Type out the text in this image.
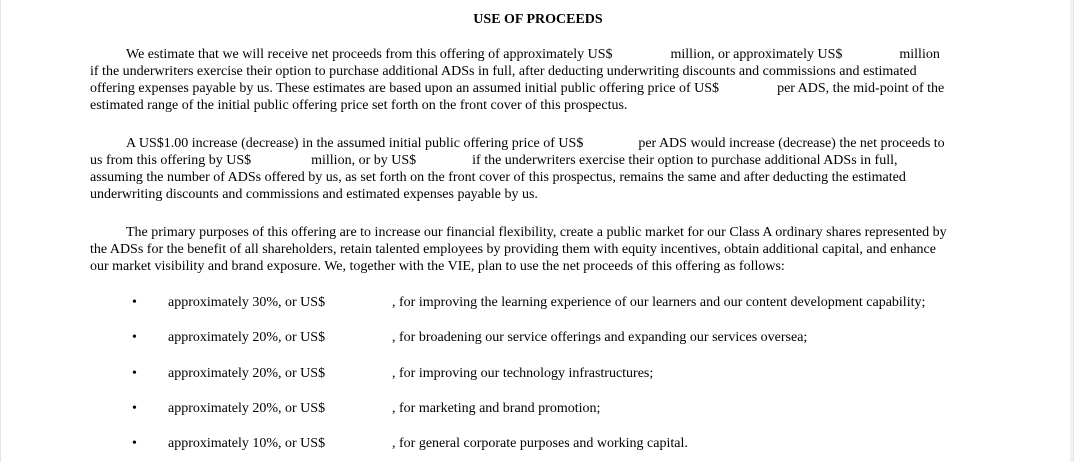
USE OF PROCEEDS
We estimate that we will receive net proceeds from this offering of approximately US$	million, or approximately US$	million
if the underwriters exercise their option to purchase additional ADSs in full, after deducting underwriting discounts and commissions and estimated
offering expenses payable by us. These estimates are based upon an assumed initial public offering price of US$	per ADS, the mid-point of the
estimated range of the initial public offering price set forth on the front cover of this prospectus.
A US$1.00 increase (decrease) in the assumed initial public offering price of US$	per ADS would increase (decrease) the net proceeds to
us from this offering by US$	million, or by US$	if the underwriters exercise their option to purchase additional ADSs in full,
assuming the number of ADSs offered by us, as set forth on the front cover of this prospectus, remains the same and after deducting the estimated
underwriting discounts and commissions and estimated expenses payable by us.
The primary purposes of this offering are to increase our financial flexibility, create a public market for our Class A ordinary shares represented by
the ADSs for the benefit of all shareholders, retain talented employees by providing them with equity incentives, obtain additional capital, and enhance
our market visibility and brand exposure. We, together with the VIE, plan to use the net proceeds of this offering as follows:
•	approximately 30%, or US$	, for improving the learning experience of our learners and our content development capability;
•	approximately 20%, or US$	, for broadening our service offerings and expanding our services oversea;
•	approximately 20%, or US$	, for improving our technology infrastructures;
•	approximately 20%, or US$	, for marketing and brand promotion;
•	approximately 10%, or US$	, for general corporate purposes and working capital.
